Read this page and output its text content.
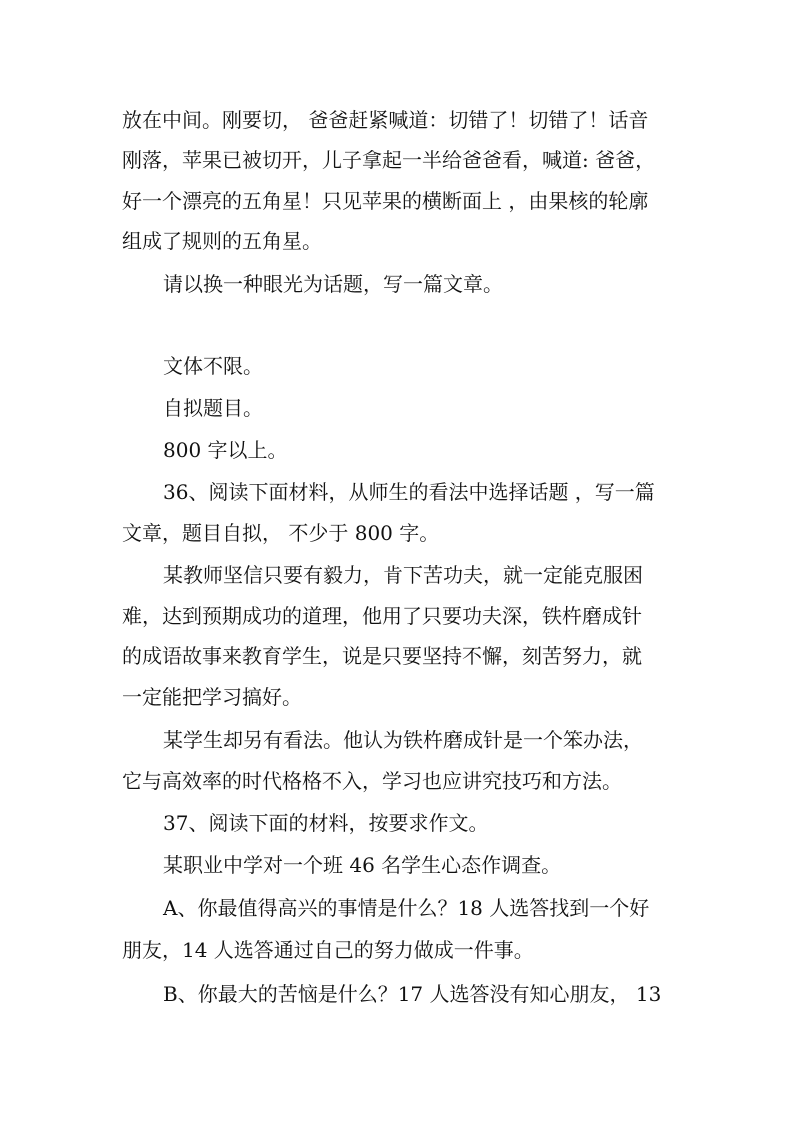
放在中间。刚要切， 爸爸赶紧喊道：切错了！切错了！话音
刚落，苹果已被切开，儿子拿起一半给爸爸看，喊道: 爸爸，
好一个漂亮的五角星！只见苹果的横断面上 ，由果核的轮廓
组成了规则的五角星。
请以换一种眼光为话题，写一篇文章。
文体不限。
自拟题目。
800 字以上。
36、阅读下面材料，从师生的看法中选择话题 ，写一篇
文章，题目自拟， 不少于 800 字。
某教师坚信只要有毅力，肯下苦功夫，就一定能克服困
难，达到预期成功的道理，他用了只要功夫深，铁杵磨成针
的成语故事来教育学生，说是只要坚持不懈，刻苦努力，就
一定能把学习搞好。
某学生却另有看法。他认为铁杵磨成针是一个笨办法，
它与高效率的时代格格不入，学习也应讲究技巧和方法。
37、阅读下面的材料，按要求作文。
某职业中学对一个班 46 名学生心态作调查。
A、你最值得高兴的事情是什么？18 人选答找到一个好
朋友，14 人选答通过自己的努力做成一件事。
B、你最大的苦恼是什么？17 人选答没有知心朋友， 13
